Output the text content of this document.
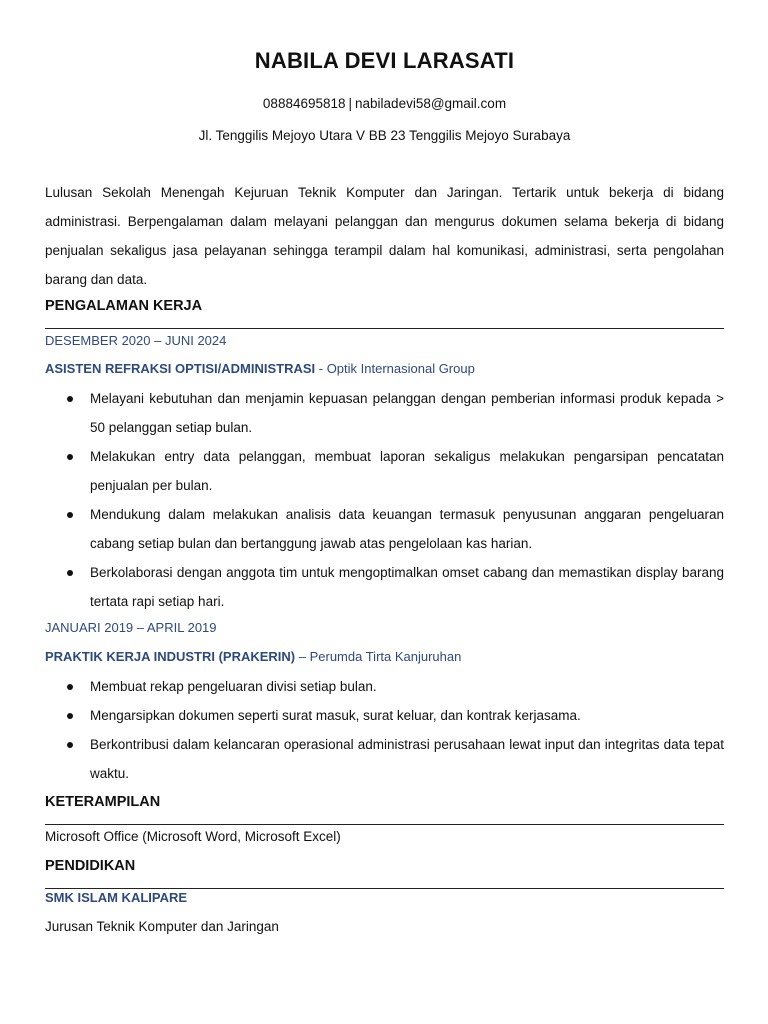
NABILA DEVI LARASATI
08884695818 | nabiladevi58@gmail.com
Jl. Tenggilis Mejoyo Utara V BB 23 Tenggilis Mejoyo Surabaya
Lulusan Sekolah Menengah Kejuruan Teknik Komputer dan Jaringan. Tertarik untuk bekerja di bidang administrasi. Berpengalaman dalam melayani pelanggan dan mengurus dokumen selama bekerja di bidang penjualan sekaligus jasa pelayanan sehingga terampil dalam hal komunikasi, administrasi, serta pengolahan barang dan data.
PENGALAMAN KERJA
DESEMBER 2020 – JUNI 2024
ASISTEN REFRAKSI OPTISI/ADMINISTRASI - Optik Internasional Group
Melayani kebutuhan dan menjamin kepuasan pelanggan dengan pemberian informasi produk kepada > 50 pelanggan setiap bulan.
Melakukan entry data pelanggan, membuat laporan sekaligus melakukan pengarsipan pencatatan penjualan per bulan.
Mendukung dalam melakukan analisis data keuangan termasuk penyusunan anggaran pengeluaran cabang setiap bulan dan bertanggung jawab atas pengelolaan kas harian.
Berkolaborasi dengan anggota tim untuk mengoptimalkan omset cabang dan memastikan display barang tertata rapi setiap hari.
JANUARI 2019 – APRIL 2019
PRAKTIK KERJA INDUSTRI (PRAKERIN) – Perumda Tirta Kanjuruhan
Membuat rekap pengeluaran divisi setiap bulan.
Mengarsipkan dokumen seperti surat masuk, surat keluar, dan kontrak kerjasama.
Berkontribusi dalam kelancaran operasional administrasi perusahaan lewat input dan integritas data tepat waktu.
KETERAMPILAN
Microsoft Office (Microsoft Word, Microsoft Excel)
PENDIDIKAN
SMK ISLAM KALIPARE
Jurusan Teknik Komputer dan Jaringan
